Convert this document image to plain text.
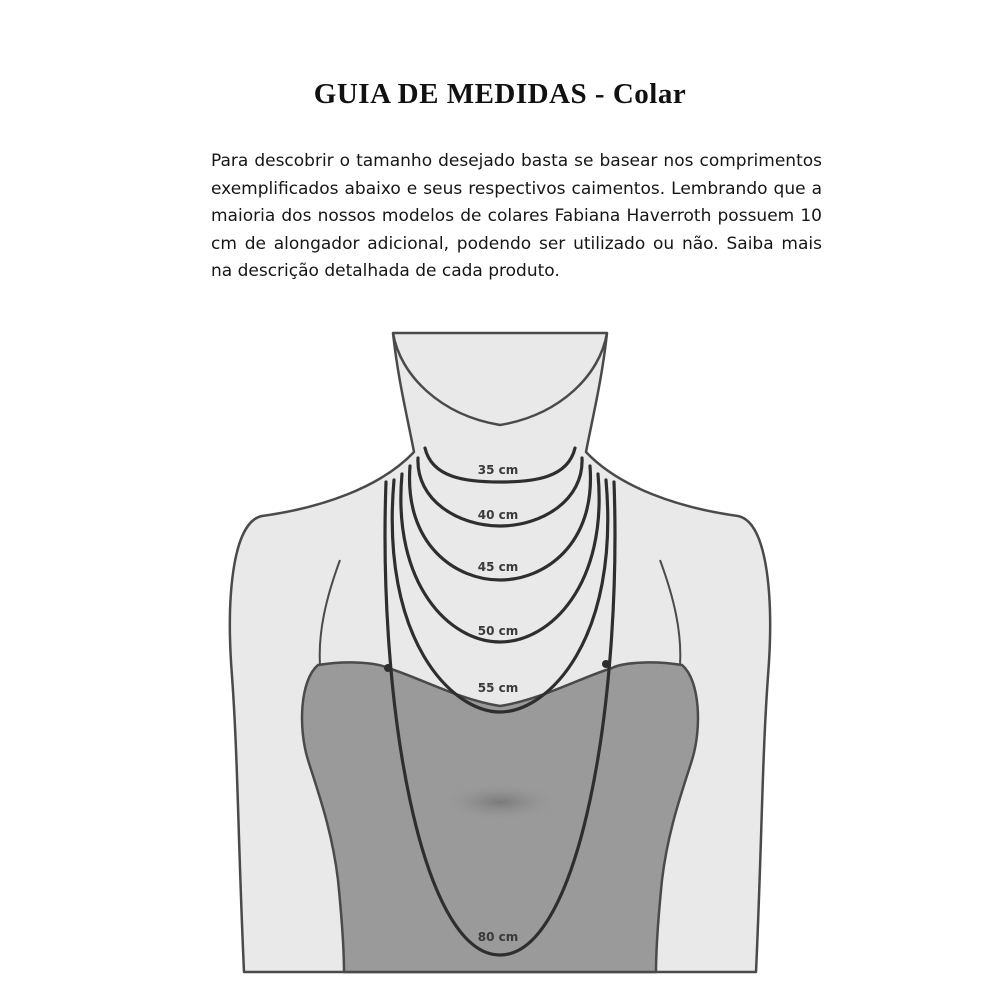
35 cm
40 cm
45 cm
50 cm
55 cm
80 cm
GUIA DE MEDIDAS - Colar

Para descobrir o tamanho desejado basta se basear nos comprimentos exemplificados abaixo e seus respectivos caimentos. Lembrando que a maioria dos nossos modelos de colares Fabiana Haverroth possuem 10 cm de alongador adicional, podendo ser utilizado ou não. Saiba mais na descrição detalhada de cada produto.
